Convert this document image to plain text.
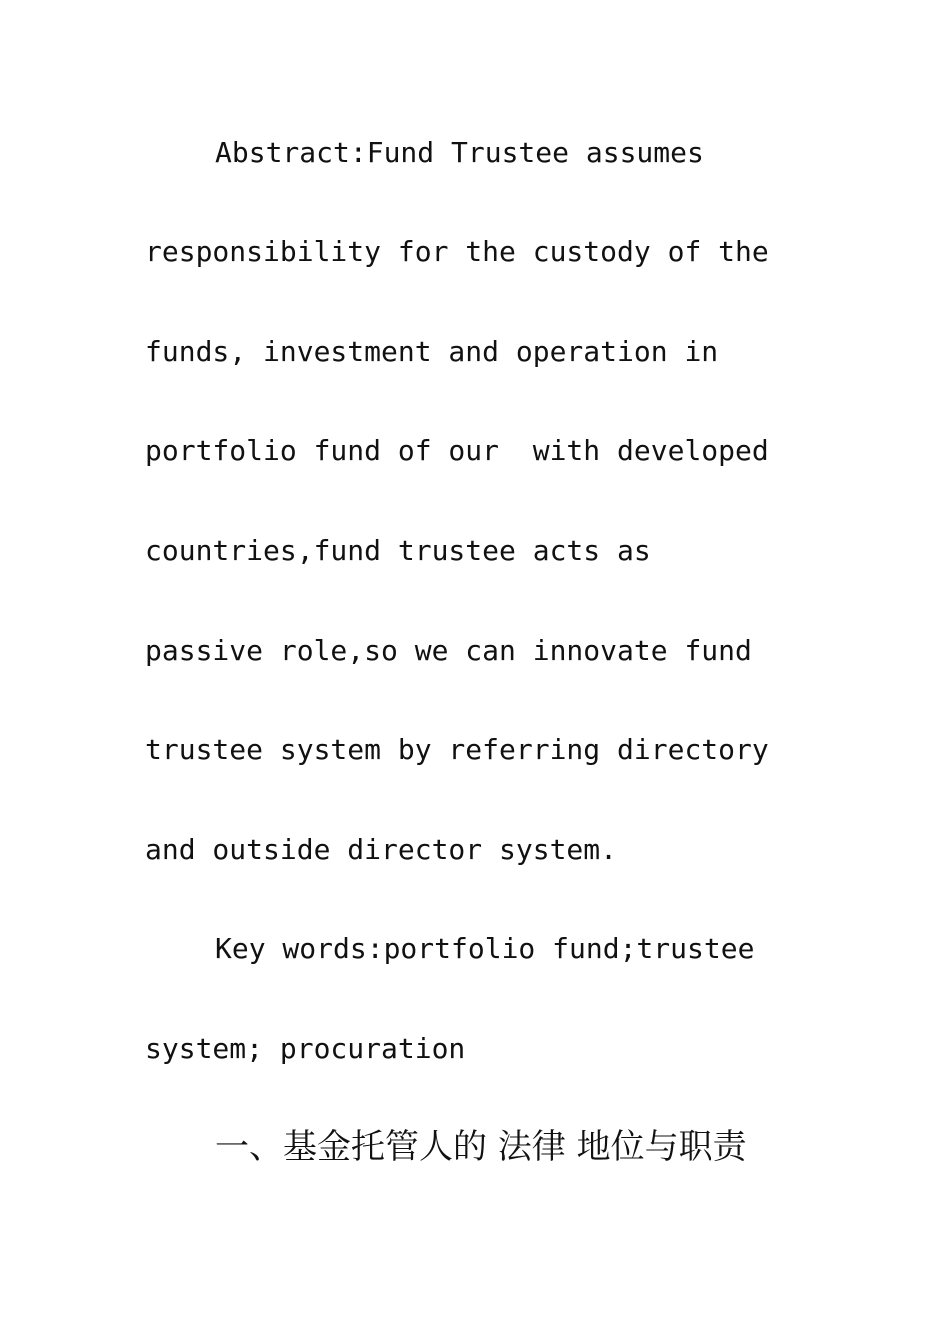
Abstract:Fund Trustee assumes
responsibility for the custody of the
funds, investment and operation in
portfolio fund of our  with developed
countries,fund trustee acts as
passive role,so we can innovate fund
trustee system by referring directory
and outside director system.
Key words:portfolio fund;trustee
system; procuration
一、基金托管人的 法律 地位与职责
